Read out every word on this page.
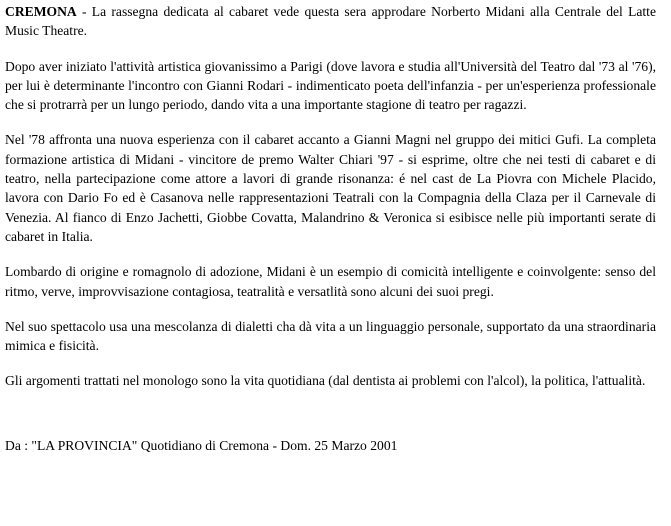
CREMONA - La rassegna dedicata al cabaret vede questa sera approdare Norberto Midani alla Centrale del Latte Music Theatre.

Dopo aver iniziato l'attività artistica giovanissimo a Parigi (dove lavora e studia all'Università del Teatro dal '73 al '76), per lui è determinante l'incontro con Gianni Rodari - indimenticato poeta dell'infanzia - per un'esperienza professionale che si protrarrà per un lungo periodo, dando vita a una importante stagione di teatro per ragazzi.

Nel '78 affronta una nuova esperienza con il cabaret accanto a Gianni Magni nel gruppo dei mitici Gufi. La completa formazione artistica di Midani - vincitore de premo Walter Chiari '97 - si esprime, oltre che nei testi di cabaret e di teatro, nella partecipazione come attore a lavori di grande risonanza: é nel cast de La Piovra con Michele Placido, lavora con Dario Fo ed è Casanova nelle rappresentazioni Teatrali con la Compagnia della Claza per il Carnevale di Venezia. Al fianco di Enzo Jachetti, Giobbe Covatta, Malandrino & Veronica si esibisce nelle più importanti serate di cabaret in Italia.

Lombardo di origine e romagnolo di adozione, Midani è un esempio di comicità intelligente e coinvolgente: senso del ritmo, verve, improvvisazione contagiosa, teatralità e versatlità sono alcuni dei suoi pregi.

Nel suo spettacolo usa una mescolanza di dialetti cha dà vita a un linguaggio personale, supportato da una straordinaria mimica e fisicità.

Gli argomenti trattati nel monologo sono la vita quotidiana (dal dentista ai problemi con l'alcol), la politica, l'attualità.

Da : "LA PROVINCIA" Quotidiano di Cremona - Dom. 25 Marzo 2001
